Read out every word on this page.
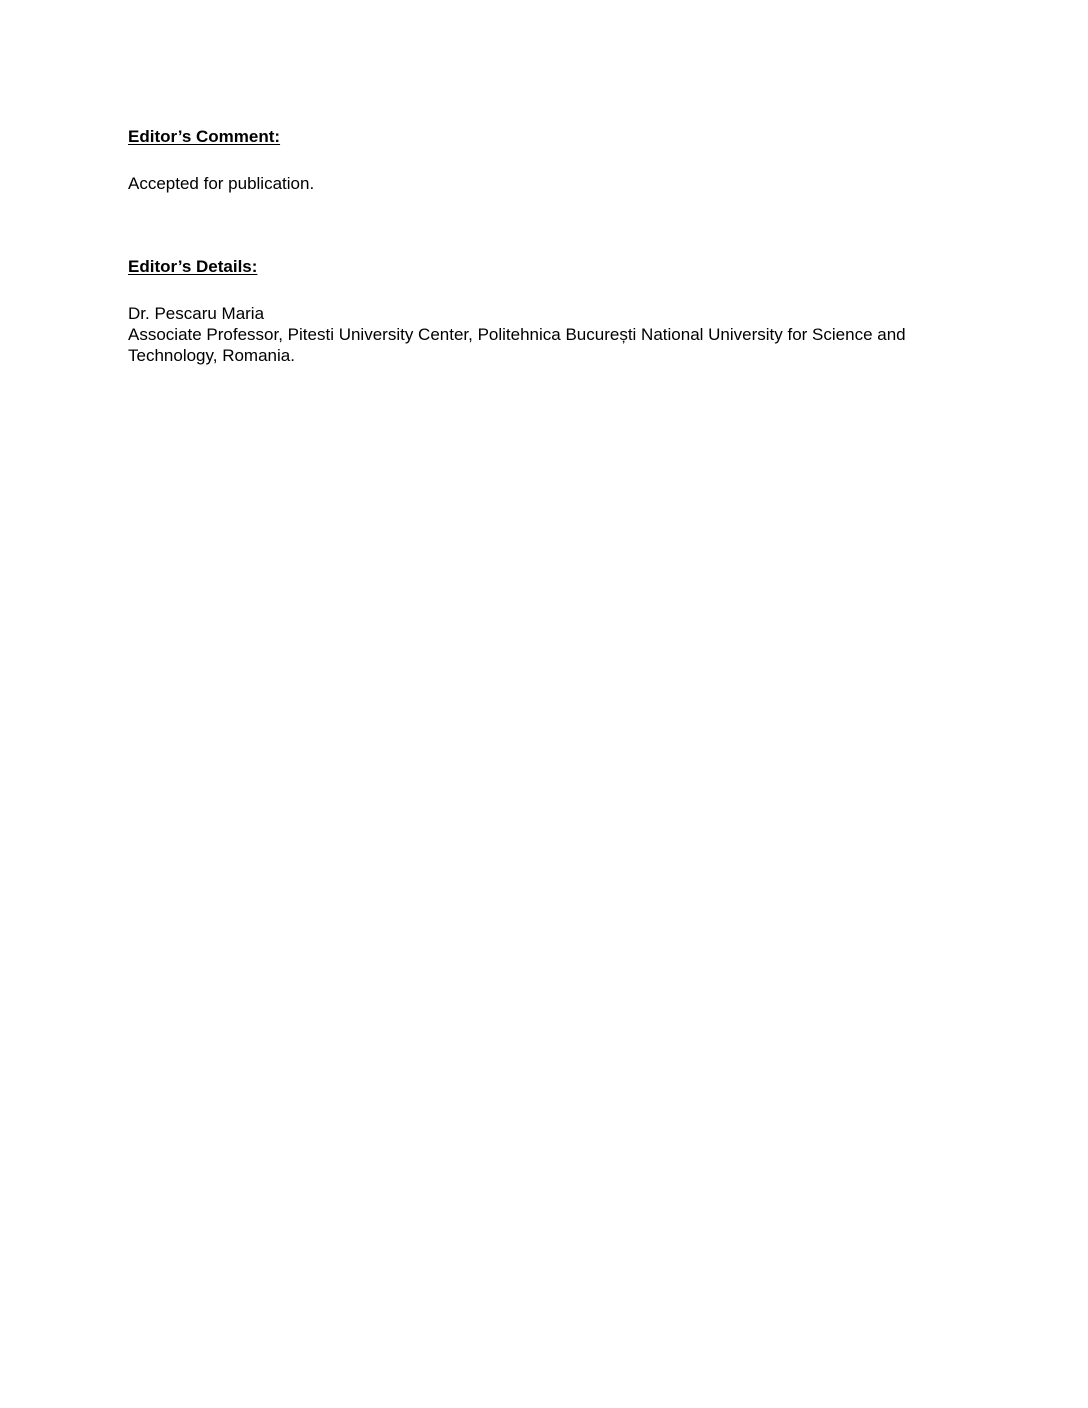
Editor’s Comment:

Accepted for publication.

Editor’s Details:

Dr. Pescaru Maria

Associate Professor, Pitesti University Center, Politehnica București National University for Science and Technology, Romania.
